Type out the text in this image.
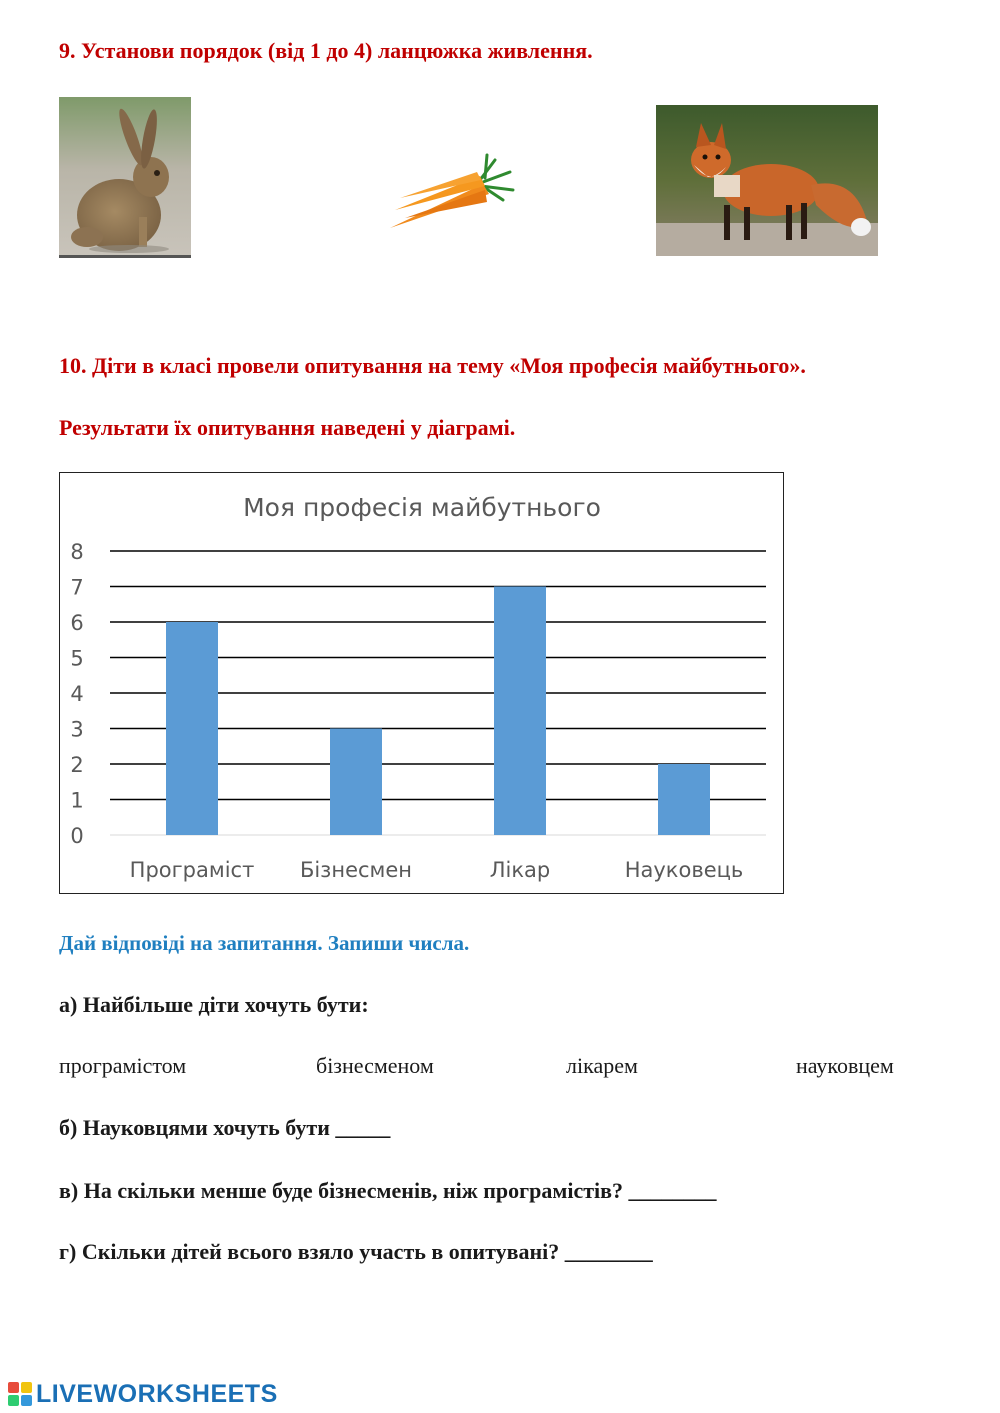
9. Установи порядок (від 1 до 4) ланцюжка живлення.
10. Діти в класі провели опитування на тему «Моя професія майбутнього».
Результати їх опитування наведені у діаграмі.
Моя професія майбутнього
0
1
2
3
4
5
6
7
8
Програміст Бізнесмен	Лікар	Науковець
Дай відповіді на запитання. Запиши числа.
а) Найбільше діти хочуть бути:
програмістом	бізнесменом	лікарем	науковцем
б) Науковцями хочуть бути _____
в) На скільки менше буде бізнесменів, ніж програмістів? ________
г) Скільки дітей всього взяло участь в опитувані? ________
LIVEWORKSHEETS
